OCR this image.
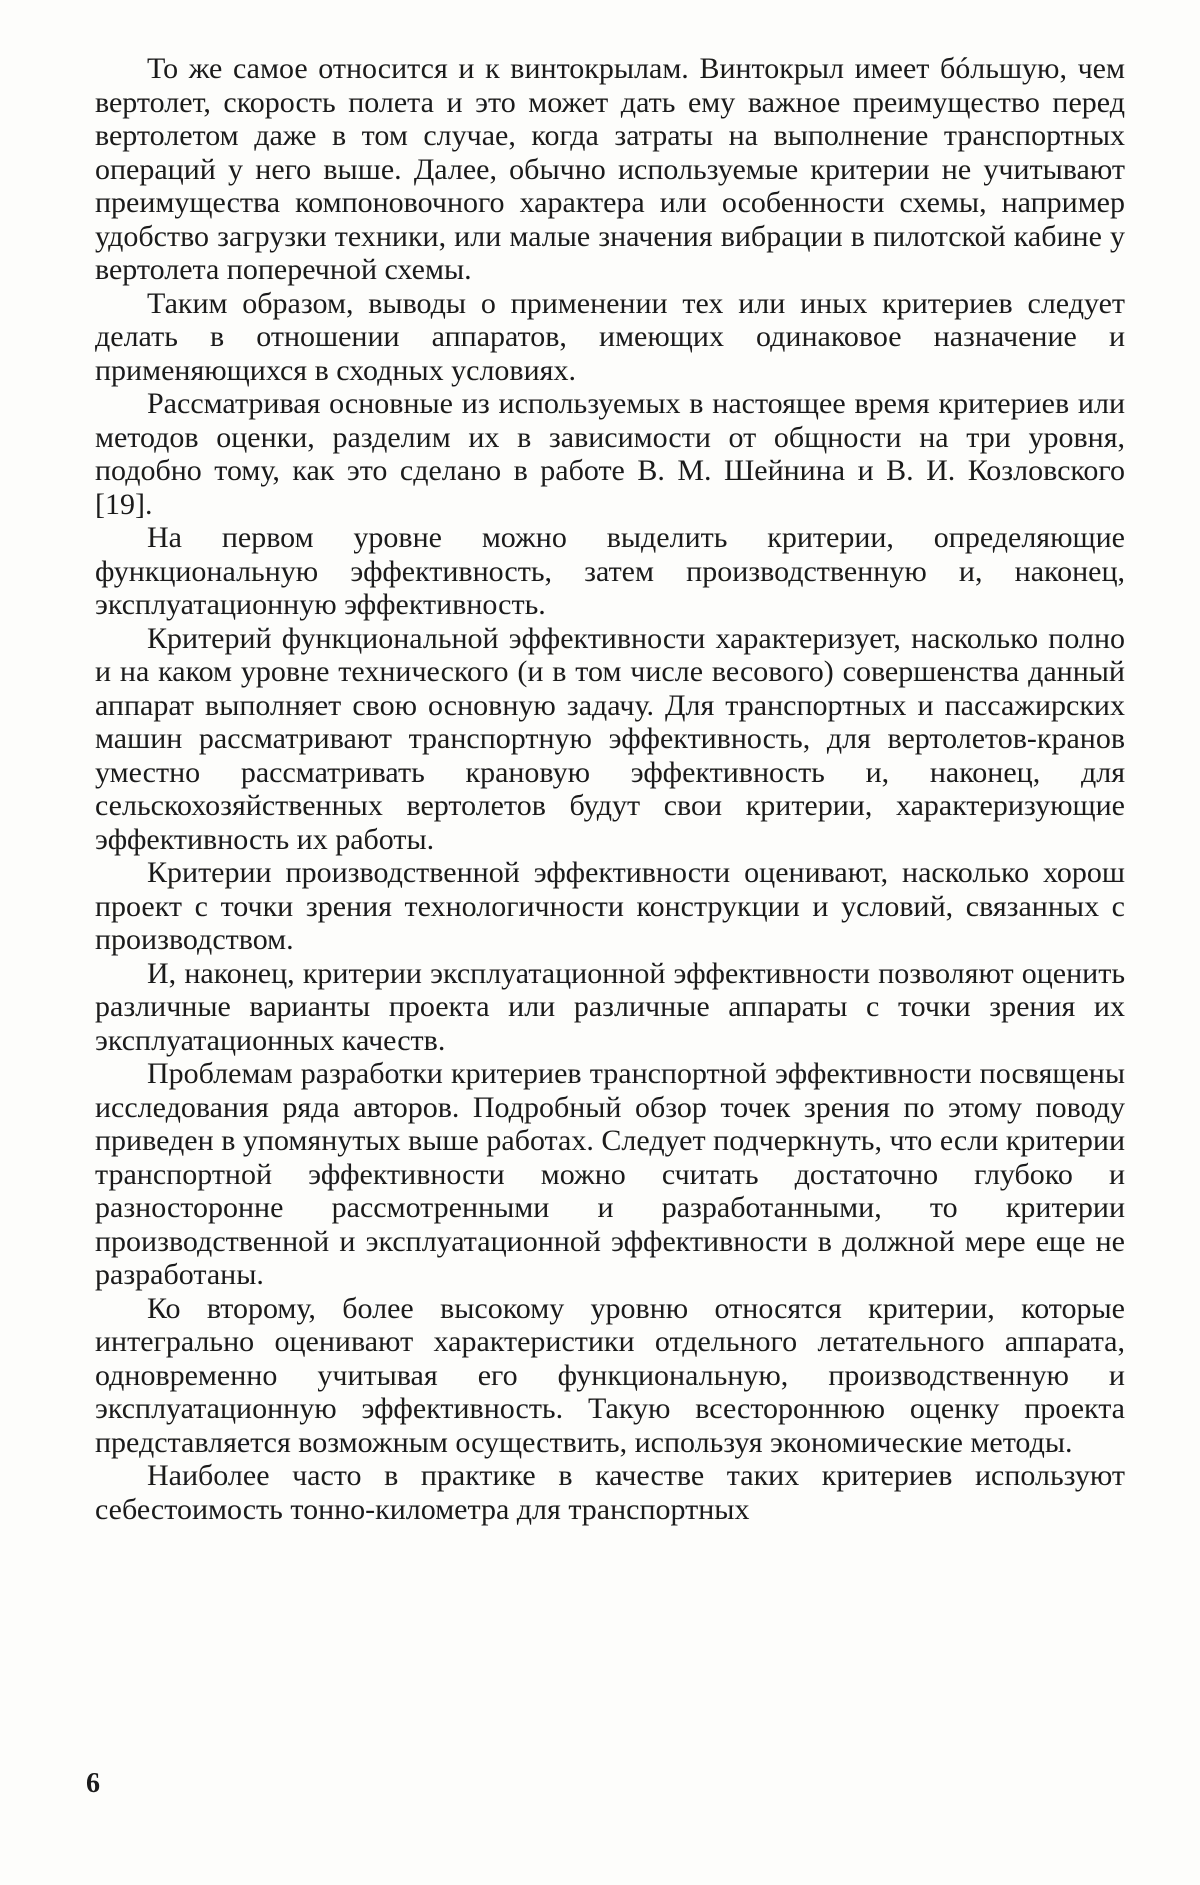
То же самое относится и к винтокрылам. Винтокрыл имеет бóльшую, чем вертолет, скорость полета и это может дать ему важное преимущество перед вертолетом даже в том случае, когда затраты на выполнение транспортных операций у него выше. Далее, обычно используемые критерии не учитывают преимущества компоновочного характера или особенности схемы, например удобство загрузки техники, или малые значения вибрации в пилотской кабине у вертолета поперечной схемы.

Таким образом, выводы о применении тех или иных критериев следует делать в отношении аппаратов, имеющих одинаковое назначение и применяющихся в сходных условиях.

Рассматривая основные из используемых в настоящее время критериев или методов оценки, разделим их в зависимости от общности на три уровня, подобно тому, как это сделано в работе В. М. Шейнина и В. И. Козловского [19].

На первом уровне можно выделить критерии, определяющие функциональную эффективность, затем производственную и, наконец, эксплуатационную эффективность.

Критерий функциональной эффективности характеризует, насколько полно и на каком уровне технического (и в том числе весового) совершенства данный аппарат выполняет свою основную задачу. Для транспортных и пассажирских машин рассматривают транспортную эффективность, для вертолетов-кранов уместно рассматривать крановую эффективность и, наконец, для сельскохозяйственных вертолетов будут свои критерии, характеризующие эффективность их работы.

Критерии производственной эффективности оценивают, насколько хорош проект с точки зрения технологичности конструкции и условий, связанных с производством.

И, наконец, критерии эксплуатационной эффективности позволяют оценить различные варианты проекта или различные аппараты с точки зрения их эксплуатационных качеств.

Проблемам разработки критериев транспортной эффективности посвящены исследования ряда авторов. Подробный обзор точек зрения по этому поводу приведен в упомянутых выше работах. Следует подчеркнуть, что если критерии транспортной эффективности можно считать достаточно глубоко и разносторонне рассмотренными и разработанными, то критерии производственной и эксплуатационной эффективности в должной мере еще не разработаны.

Ко второму, более высокому уровню относятся критерии, которые интегрально оценивают характеристики отдельного летательного аппарата, одновременно учитывая его функциональную, производственную и эксплуатационную эффективность. Такую всестороннюю оценку проекта представляется возможным осуществить, используя экономические методы.

Наиболее часто в практике в качестве таких критериев используют себестоимость тонно-километра для транспортных

6
